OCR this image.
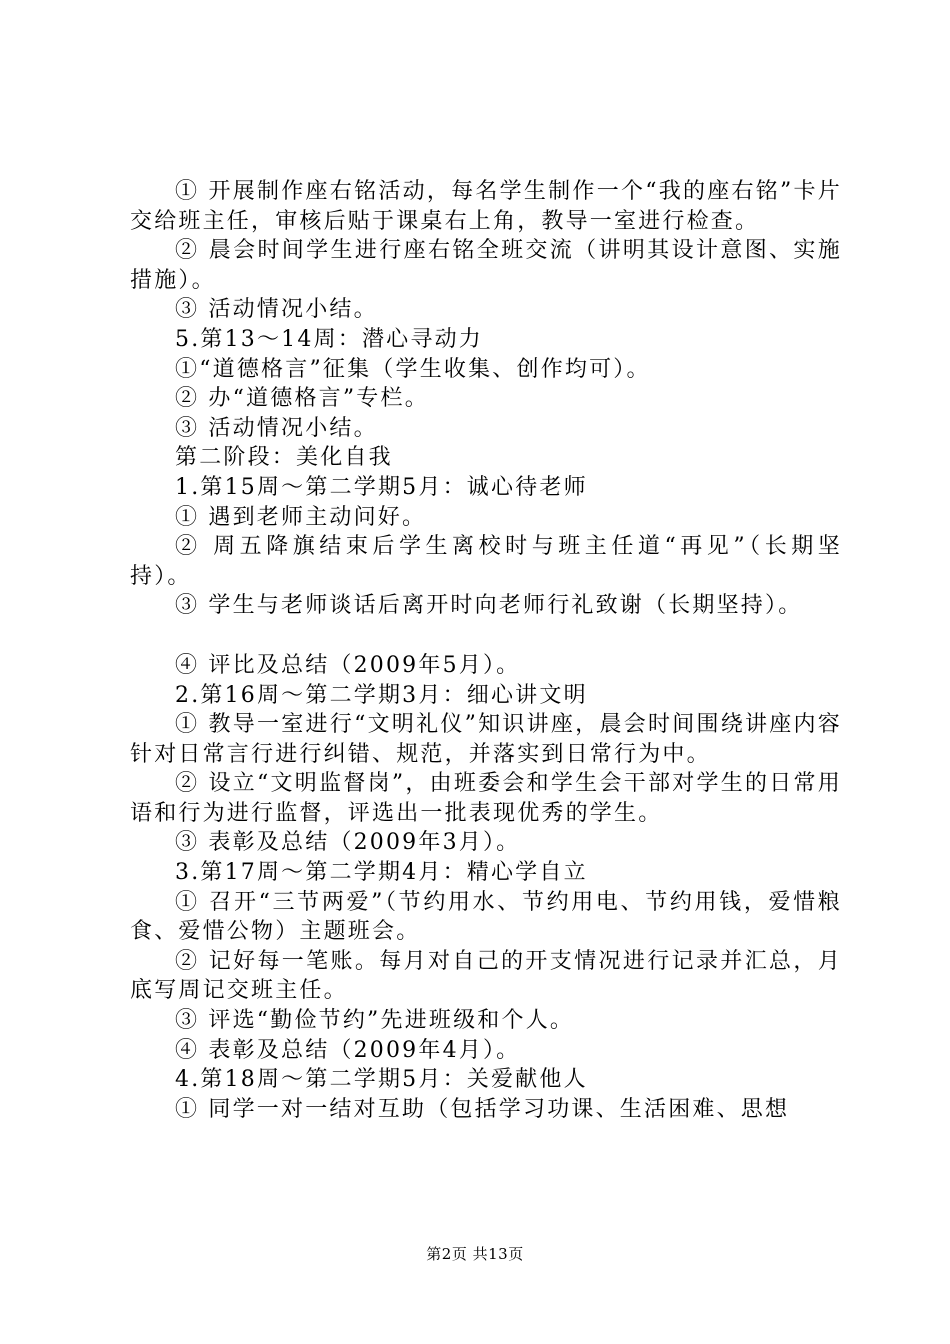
① 开展制作座右铭活动，每名学生制作一个“我的座右铭”卡片交给班主任，审核后贴于课桌右上角，教导一室进行检查。

② 晨会时间学生进行座右铭全班交流（讲明其设计意图、实施措施）。

③ 活动情况小结。

5.第13～14周：潜心寻动力

①“道德格言”征集（学生收集、创作均可）。

② 办“道德格言”专栏。

③ 活动情况小结。

第二阶段：美化自我

1.第15周～第二学期5月：诚心待老师

① 遇到老师主动问好。

② 周五降旗结束后学生离校时与班主任道“再见”（长期坚持）。

③ 学生与老师谈话后离开时向老师行礼致谢（长期坚持）。

④ 评比及总结（2009年5月）。

2.第16周～第二学期3月：细心讲文明

① 教导一室进行“文明礼仪”知识讲座，晨会时间围绕讲座内容针对日常言行进行纠错、规范，并落实到日常行为中。

② 设立“文明监督岗”，由班委会和学生会干部对学生的日常用语和行为进行监督，评选出一批表现优秀的学生。

③ 表彰及总结（2009年3月）。

3.第17周～第二学期4月：精心学自立

① 召开“三节两爱”（节约用水、节约用电、节约用钱，爱惜粮食、爱惜公物）主题班会。

② 记好每一笔账。每月对自己的开支情况进行记录并汇总，月底写周记交班主任。

③ 评选“勤俭节约”先进班级和个人。

④ 表彰及总结（2009年4月）。

4.第18周～第二学期5月：关爱献他人

① 同学一对一结对互助（包括学习功课、生活困难、思想

第2页 共13页
